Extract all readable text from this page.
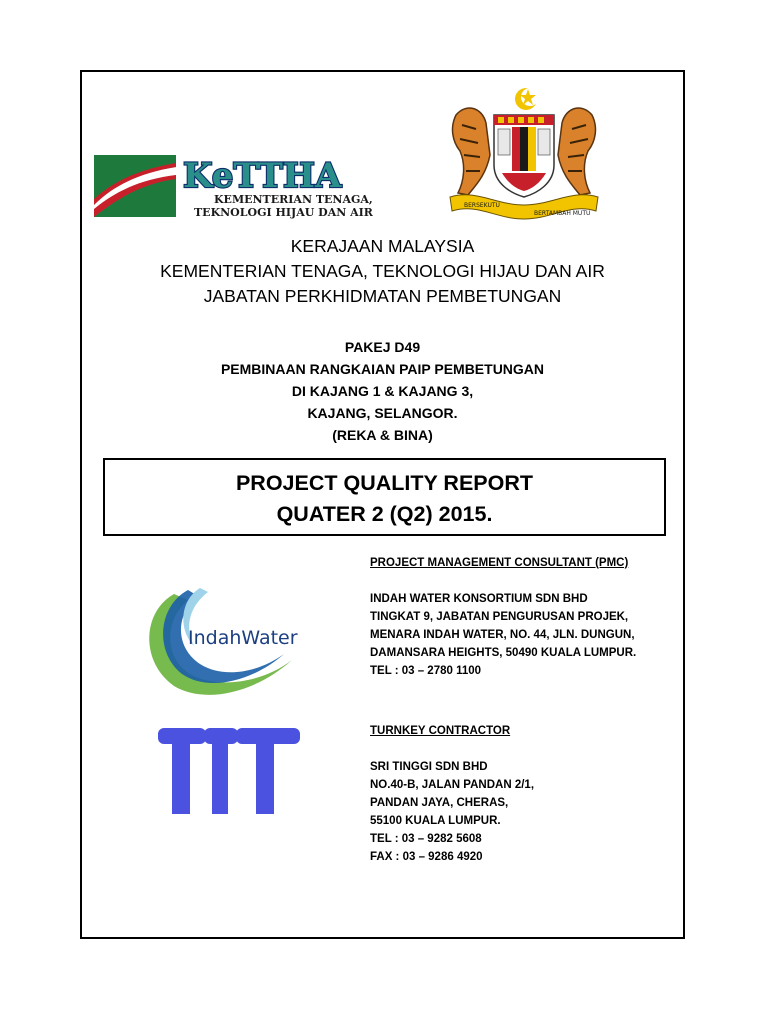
KeTTHA
KEMENTERIAN TENAGA,
TEKNOLOGI HIJAU DAN AIR
BERSEKUTU
BERTAMBAH MUTU
KERAJAAN MALAYSIA
KEMENTERIAN TENAGA, TEKNOLOGI HIJAU DAN AIR
JABATAN PERKHIDMATAN PEMBETUNGAN
PAKEJ D49
PEMBINAAN RANGKAIAN PAIP PEMBETUNGAN
DI KAJANG 1 & KAJANG 3,
KAJANG, SELANGOR.
(REKA & BINA)
PROJECT QUALITY REPORT
QUATER 2 (Q2) 2015.
IndahWater
PROJECT MANAGEMENT CONSULTANT (PMC)
INDAH WATER KONSORTIUM SDN BHD
TINGKAT 9, JABATAN PENGURUSAN PROJEK,
MENARA INDAH WATER, NO. 44, JLN. DUNGUN,
DAMANSARA HEIGHTS, 50490 KUALA LUMPUR.
TEL : 03 – 2780 1100
TURNKEY CONTRACTOR
SRI TINGGI SDN BHD
NO.40-B, JALAN PANDAN 2/1,
PANDAN JAYA, CHERAS,
55100 KUALA LUMPUR.
TEL : 03 – 9282 5608
FAX : 03 – 9286 4920
